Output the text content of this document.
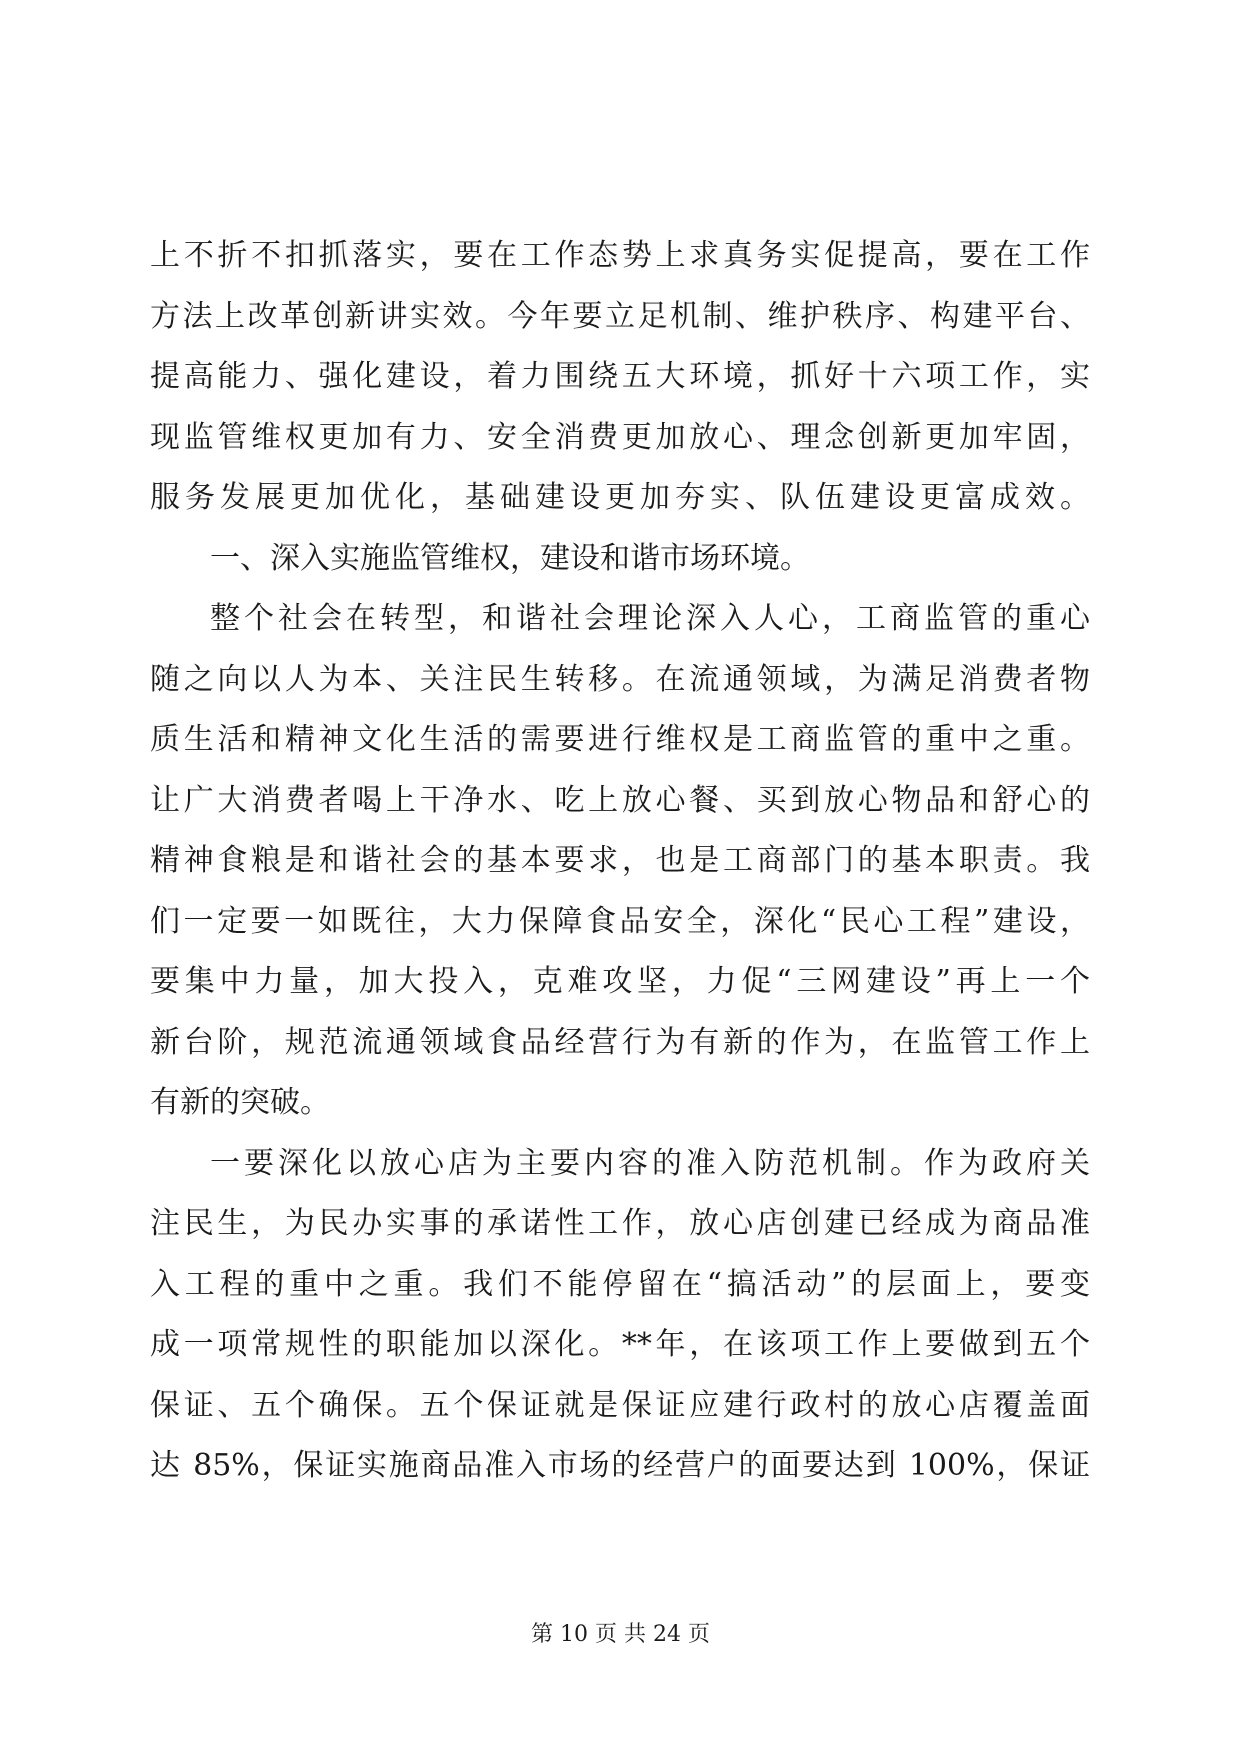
上不折不扣抓落实，要在工作态势上求真务实促提高，要在工作
方法上改革创新讲实效。今年要立足机制、维护秩序、构建平台、
提高能力、强化建设，着力围绕五大环境，抓好十六项工作，实
现监管维权更加有力、安全消费更加放心、理念创新更加牢固，
服务发展更加优化，基础建设更加夯实、队伍建设更富成效。
一、深入实施监管维权，建设和谐市场环境。
整个社会在转型，和谐社会理论深入人心，工商监管的重心
随之向以人为本、关注民生转移。在流通领域，为满足消费者物
质生活和精神文化生活的需要进行维权是工商监管的重中之重。
让广大消费者喝上干净水、吃上放心餐、买到放心物品和舒心的
精神食粮是和谐社会的基本要求，也是工商部门的基本职责。我
们一定要一如既往，大力保障食品安全，深化“民心工程”建设，
要集中力量，加大投入，克难攻坚，力促“三网建设”再上一个
新台阶，规范流通领域食品经营行为有新的作为，在监管工作上
有新的突破。
一要深化以放心店为主要内容的准入防范机制。作为政府关
注民生，为民办实事的承诺性工作，放心店创建已经成为商品准
入工程的重中之重。我们不能停留在“搞活动”的层面上，要变
成一项常规性的职能加以深化。**年，在该项工作上要做到五个
保证、五个确保。五个保证就是保证应建行政村的放心店覆盖面
达 85%，保证实施商品准入市场的经营户的面要达到 100%，保证
第 10 页 共 24 页
